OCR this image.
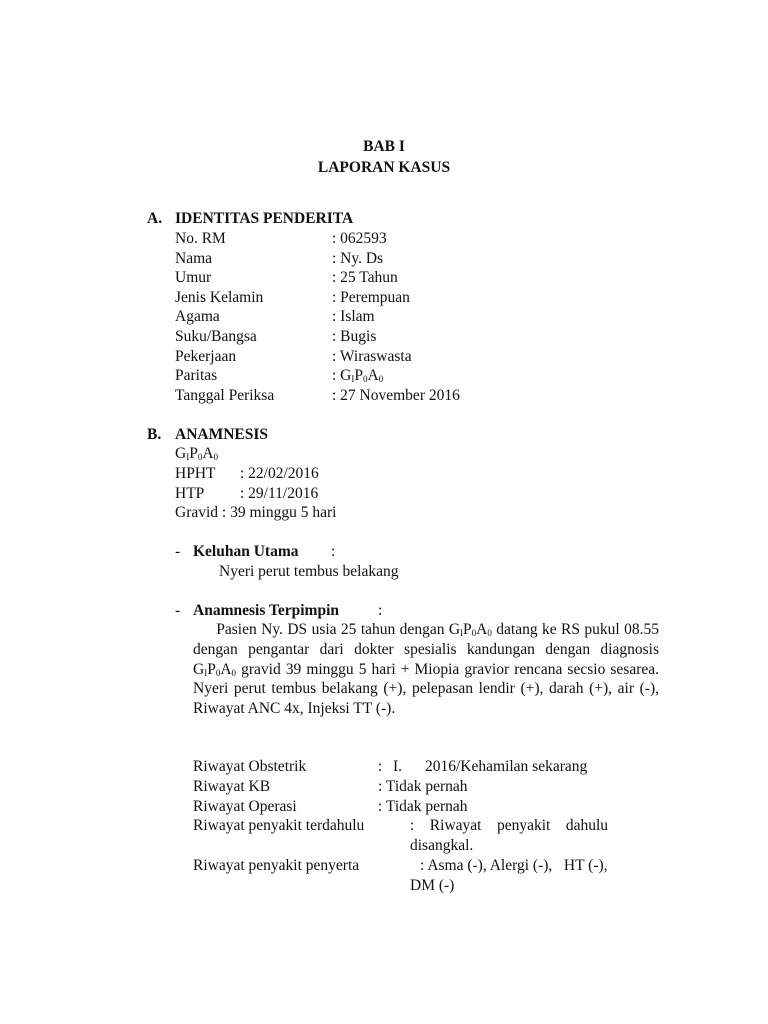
BAB I
LAPORAN KASUS
A. IDENTITAS PENDERITA
No. RM	: 062593
Nama	: Ny. Ds
Umur	: 25 Tahun
Jenis Kelamin	: Perempuan
Agama	: Islam
Suku/Bangsa	: Bugis
Pekerjaan	: Wiraswasta
Paritas	: $G_IP_0A_0$
Tanggal Periksa	: 27 November 2016
B. ANAMNESIS
$G_IP_0A_0$
HPHT : 22/02/2016
HTP : 29/11/2016
Gravid : 39 minggu 5 hari
- Keluhan Utama :
Nyeri perut tembus belakang
- Anamnesis Terpimpin	:
  Pasien Ny. DS usia 25 tahun dengan $G_IP_0A_0$ datang ke RS pukul 08.55 dengan pengantar dari dokter spesialis kandungan dengan diagnosis $G_IP_0A_0$ gravid 39 minggu 5 hari + Miopia gravior rencana secsio sesarea. Nyeri perut tembus belakang (+), pelepasan lendir (+), darah (+), air (-), Riwayat ANC 4x, Injeksi TT (-).
Riwayat Obstetrik	: I. 2016/Kehamilan sekarang
Riwayat KB	: Tidak pernah
Riwayat Operasi	: Tidak pernah
Riwayat penyakit terdahulu	:    Riwayat    penyakit    dahulu
disangkal.
Riwayat penyakit penyerta	: Asma (-), Alergi (-),   HT (-),
DM (-)
